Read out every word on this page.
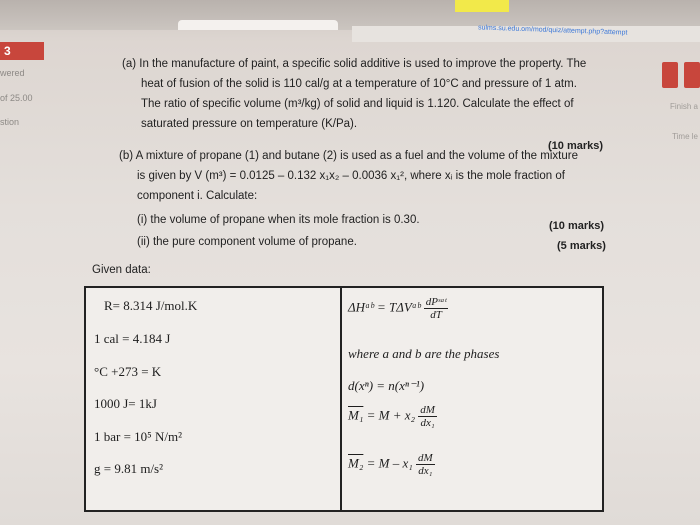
sulms.su.edu.om/mod/quiz/attempt.php?attempt
3
wered
of 25.00
stion
Finish a
Time le
(a) In the manufacture of paint, a specific solid additive is used to improve the property. The
heat of fusion of the solid is 110 cal/g at a temperature of 10°C and pressure of 1 atm.
The ratio of specific volume (m³/kg) of solid and liquid is 1.120. Calculate the effect of
saturated pressure on temperature (K/Pa).
(10 marks)
(b) A mixture of propane (1) and butane (2) is used as a fuel and the volume of the mixture
is given by V (m³) = 0.0125 – 0.132 x₁x₂ – 0.0036 x₁², where xᵢ is the mole fraction of
component i. Calculate:
(i) the volume of propane when its mole fraction is 0.30.	(10 marks)
(ii) the pure component volume of propane.	(5 marks)
Given data:
R= 8.314 J/mol.K
1 cal = 4.184 J
°C +273 = K
1000 J= 1kJ
1 bar = 10⁵ N/m²
g = 9.81 m/s²
ΔHᵃᵇ = TΔVᵃᵇ $\frac{\text{dPˢᵃᵗ}}{dT}$
where a and b are the phases
d(xⁿ) = n(xⁿ⁻¹)
$M_1 = M + x_2 \frac{dM}{\text{dx₁}}$
$M_2 = M - x_1 \frac{dM}{\text{dx₁}}$
